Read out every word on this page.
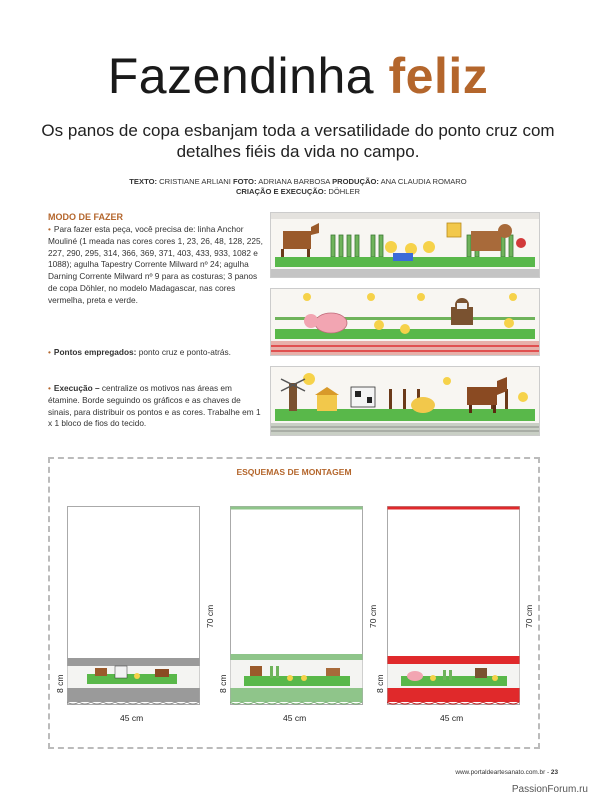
Fazendinha feliz
Os panos de copa esbanjam toda a versatilidade do ponto cruz com detalhes fiéis da vida no campo.
TEXTO: CRISTIANE ARLIANI FOTO: ADRIANA BARBOSA PRODUÇÃO: ANA CLAUDIA ROMARO
CRIAÇÃO E EXECUÇÃO: DÖHLER
MODO DE FAZER
• Para fazer esta peça, você precisa de: linha Anchor Mouliné (1 meada nas cores cores 1, 23, 26, 48, 128, 225, 227, 290, 295, 314, 366, 369, 371, 403, 433, 933, 1082 e 1088); agulha Tapestry Corrente Milward nº 24; agulha Darning Corrente Milward nº 9 para as costuras; 3 panos de copa Döhler, no modelo Madagascar, nas cores vermelha, preta e verde.
• Pontos empregados: ponto cruz e ponto-atrás.
• Execução – centralize os motivos nas áreas em étamine. Borde seguindo os gráficos e as chaves de sinais, para distribuir os pontos e as cores. Trabalhe em 1 x 1 bloco de fios do tecido.
ESQUEMAS DE MONTAGEM
45 cm
70 cm
8 cm
45 cm
70 cm
8 cm
45 cm
70 cm
8 cm
www.portaldeartesanato.com.br - 23
PassionForum.ru
